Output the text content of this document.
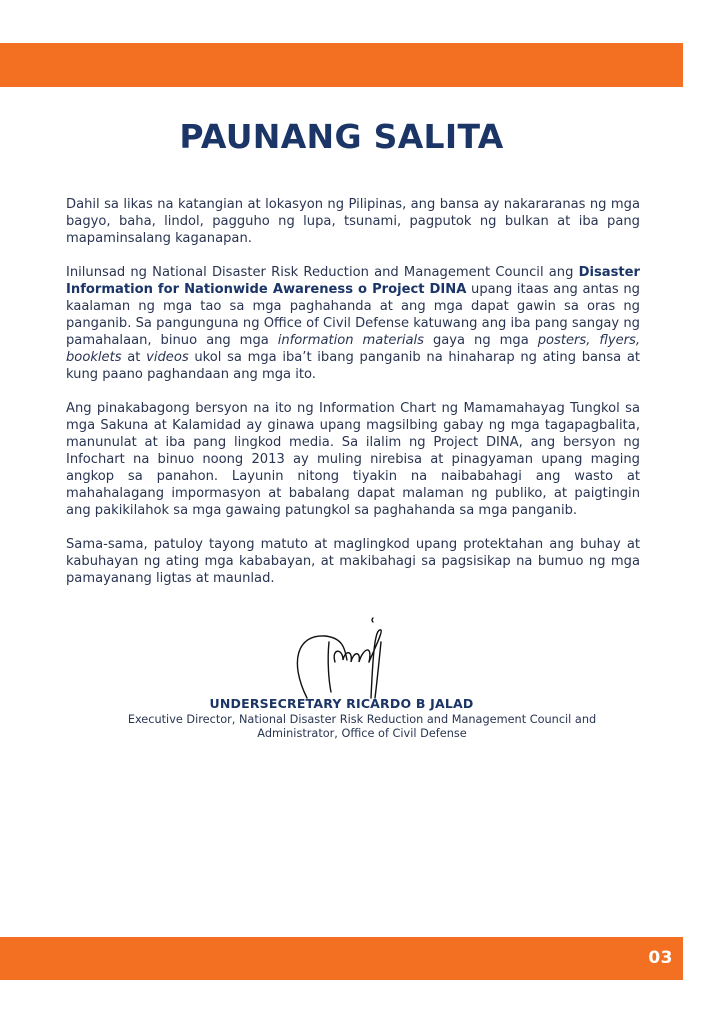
PAUNANG SALITA

Dahil sa likas na katangian at lokasyon ng Pilipinas, ang bansa ay nakararanas ng mga bagyo, baha, lindol, pagguho ng lupa, tsunami, pagputok ng bulkan at iba pang mapaminsalang kaganapan.

Inilunsad ng National Disaster Risk Reduction and Management Council ang Disaster Information for Nationwide Awareness o Project DINA upang itaas ang antas ng kaalaman ng mga tao sa mga paghahanda at ang mga dapat gawin sa oras ng panganib. Sa pangunguna ng Office of Civil Defense katuwang ang iba pang sangay ng pamahalaan, binuo ang mga information materials gaya ng mga posters, flyers, booklets at videos ukol sa mga iba’t ibang panganib na hinaharap ng ating bansa at kung paano paghandaan ang mga ito.

Ang pinakabagong bersyon na ito ng Information Chart ng Mamamahayag Tungkol sa mga Sakuna at Kalamidad ay ginawa upang magsilbing gabay ng mga tagapagbalita, manunulat at iba pang lingkod media. Sa ilalim ng Project DINA, ang bersyon ng Infochart na binuo noong 2013 ay muling nirebisa at pinagyaman upang maging angkop sa panahon. Layunin nitong tiyakin na naibabahagi ang wasto at mahahalagang impormasyon at babalang dapat malaman ng publiko, at paigtingin ang pakikilahok sa mga gawaing patungkol sa paghahanda sa mga panganib.

Sama-sama, patuloy tayong matuto at maglingkod upang protektahan ang buhay at kabuhayan ng ating mga kababayan, at makibahagi sa pagsisikap na bumuo ng mga pamayanang ligtas at maunlad.

UNDERSECRETARY RICARDO B JALAD
Executive Director, National Disaster Risk Reduction and Management Council and
Administrator, Office of Civil Defense
03
